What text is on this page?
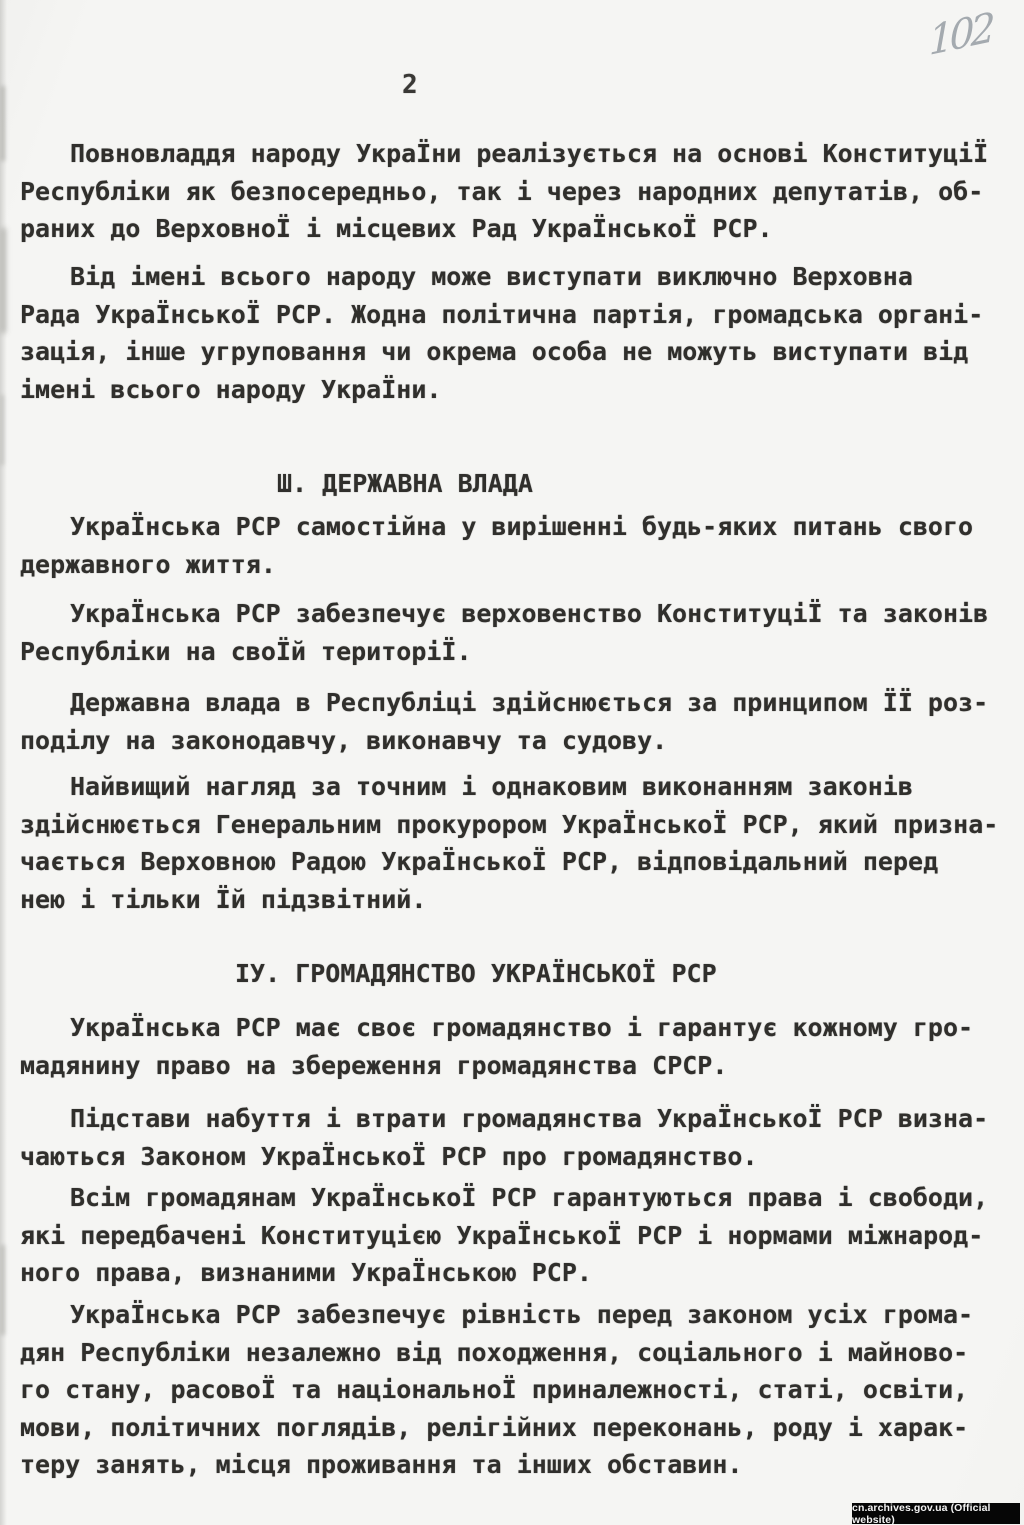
102
2
Повновладдя народу УкраЇни реалізується на основі КонституціЇ
Республіки як безпосередньо, так і через народних депутатів, об-
раних до ВерховноЇ і місцевих Рад УкраЇнськоЇ РСР.
Від імені всього народу може виступати виключно Верховна
Рада УкраЇнськоЇ РСР. Жодна політична партія, громадська органі-
зація, інше угруповання чи окрема особа не можуть виступати від
імені всього народу УкраЇни.
Ш. ДЕРЖАВНА ВЛАДА
УкраЇнська РСР самостійна у вирішенні будь-яких питань свого
державного життя.
УкраЇнська РСР забезпечує верховенство КонституціЇ та законів
Республіки на своЇй територіЇ.
Державна влада в Республіці здійснюється за принципом ЇЇ роз-
поділу на законодавчу, виконавчу та судову.
Найвищий нагляд за точним і однаковим виконанням законів
здійснюється Генеральним прокурором УкраЇнськоЇ РСР, який призна-
чається Верховною Радою УкраЇнськоЇ РСР, відповідальний перед
нею і тільки Їй підзвітний.
ІУ. ГРОМАДЯНСТВО УКРАЇНСЬКОЇ РСР
УкраЇнська РСР має своє громадянство і гарантує кожному гро-
мадянину право на збереження громадянства СРСР.
Підстави набуття і втрати громадянства УкраЇнськоЇ РСР визна-
чаються Законом УкраЇнськоЇ РСР про громадянство.
Всім громадянам УкраЇнськоЇ РСР гарантуються права і свободи,
які передбачені Конституцією УкраЇнськоЇ РСР і нормами міжнарод-
ного права, визнаними УкраЇнською РСР.
УкраЇнська РСР забезпечує рівність перед законом усіх грома-
дян Республіки незалежно від походження, соціального і майново-
го стану, расовоЇ та національноЇ приналежності, статі, освіти,
мови, політичних поглядів, релігійних переконань, роду і харак-
теру занять, місця проживання та інших обставин.
cn.archives.gov.ua (Official website)
